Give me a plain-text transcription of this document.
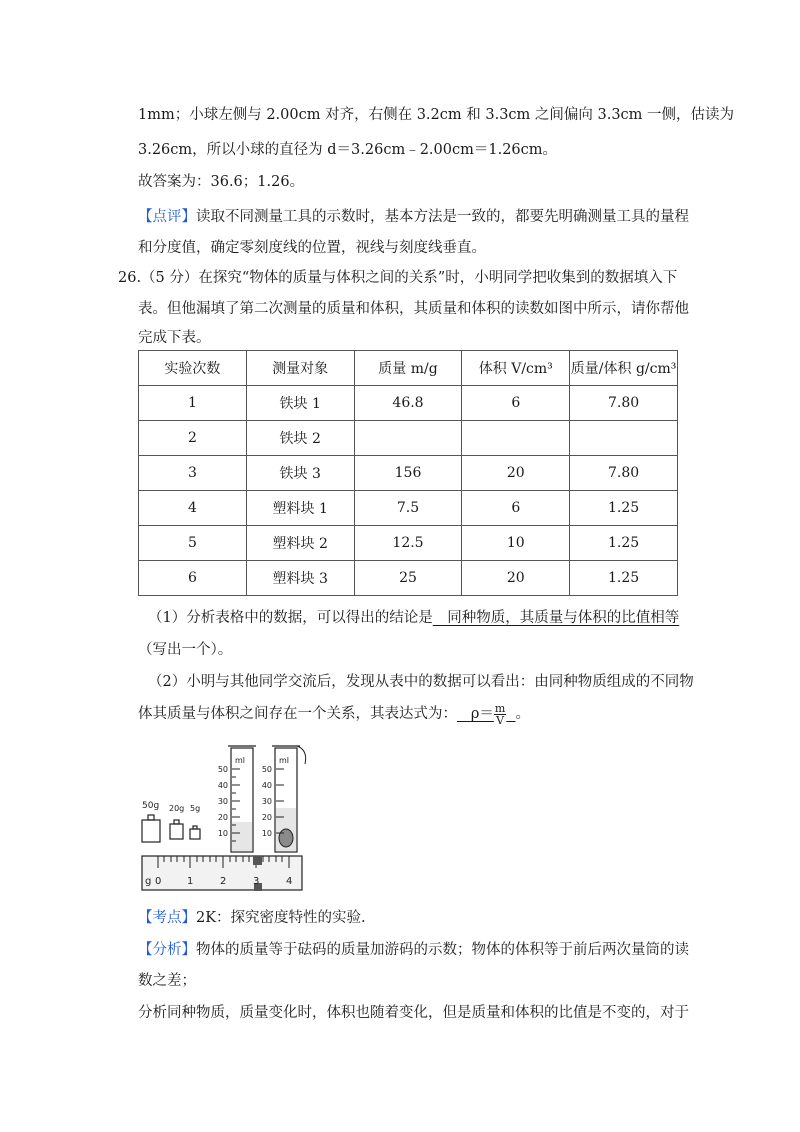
1mm；小球左侧与 2.00cm 对齐，右侧在 3.2cm 和 3.3cm 之间偏向 3.3cm 一侧，估读为
3.26cm，所以小球的直径为 d＝3.26cm﹣2.00cm＝1.26cm。
故答案为：36.6；1.26。
【点评】读取不同测量工具的示数时，基本方法是一致的，都要先明确测量工具的量程
和分度值，确定零刻度线的位置，视线与刻度线垂直。
26.（5 分）在探究“物体的质量与体积之间的关系”时，小明同学把收集到的数据填入下
表。但他漏填了第二次测量的质量和体积，其质量和体积的读数如图中所示，请你帮他
完成下表。
实验次数	测量对象	质量 m/g	体积 V/cm³	质量/体积 g/cm³
1	铁块 1	46.8	6	7.80
2	铁块 2			
3	铁块 3	156	20	7.80
4	塑料块 1	7.5	6	1.25
5	塑料块 2	12.5	10	1.25
6	塑料块 3	25	20	1.25
（1）分析表格中的数据，可以得出的结论是　同种物质，其质量与体积的比值相等
（写出一个）。
（2）小明与其他同学交流后，发现从表中的数据可以看出：由同种物质组成的不同物
体其质量与体积之间存在一个关系，其表达式为： $\rho= \frac{m}{V}$ 。
50g 20g 5g
ml
50
40
30
20
10
ml
50
40
30
20
10
g 0	1	2	3	4
【考点】2K：探究密度特性的实验.
【分析】物体的质量等于砝码的质量加游码的示数；物体的体积等于前后两次量筒的读
数之差；
分析同种物质，质量变化时，体积也随着变化，但是质量和体积的比值是不变的，对于
